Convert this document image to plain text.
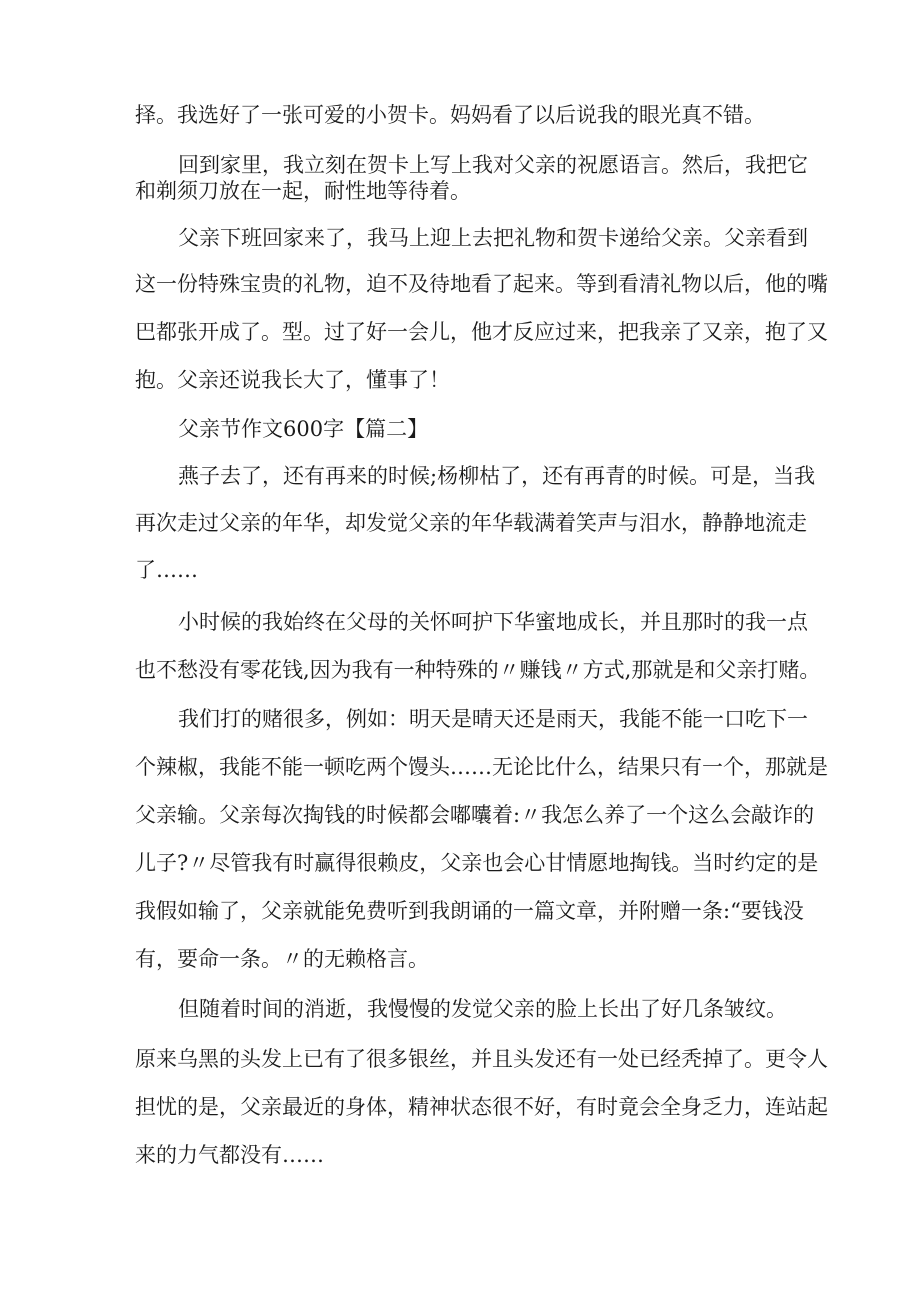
择。我选好了一张可爱的小贺卡。妈妈看了以后说我的眼光真不错。
回到家里，我立刻在贺卡上写上我对父亲的祝愿语言。然后，我把它
和剃须刀放在一起，耐性地等待着。
父亲下班回家来了，我马上迎上去把礼物和贺卡递给父亲。父亲看到
这一份特殊宝贵的礼物，迫不及待地看了起来。等到看清礼物以后，他的嘴
巴都张开成了。型。过了好一会儿，他才反应过来，把我亲了又亲，抱了又
抱。父亲还说我长大了，懂事了！
父亲节作文600字【篇二】
燕子去了，还有再来的时候;杨柳枯了，还有再青的时候。可是，当我
再次走过父亲的年华，却发觉父亲的年华载满着笑声与泪水，静静地流走
了……
小时候的我始终在父母的关怀呵护下华蜜地成长，并且那时的我一点
也不愁没有零花钱,因为我有一种特殊的〃赚钱〃方式,那就是和父亲打赌。
我们打的赌很多，例如：明天是晴天还是雨天，我能不能一口吃下一
个辣椒，我能不能一顿吃两个馒头……无论比什么，结果只有一个，那就是
父亲输。父亲每次掏钱的时候都会嘟囔着:〃我怎么养了一个这么会敲诈的
儿子?〃尽管我有时赢得很赖皮，父亲也会心甘情愿地掏钱。当时约定的是
我假如输了，父亲就能免费听到我朗诵的一篇文章，并附赠一条:“要钱没
有，要命一条。〃的无赖格言。
但随着时间的消逝，我慢慢的发觉父亲的脸上长出了好几条皱纹。
原来乌黑的头发上已有了很多银丝，并且头发还有一处已经秃掉了。更令人
担忧的是，父亲最近的身体，精神状态很不好，有时竟会全身乏力，连站起
来的力气都没有……
